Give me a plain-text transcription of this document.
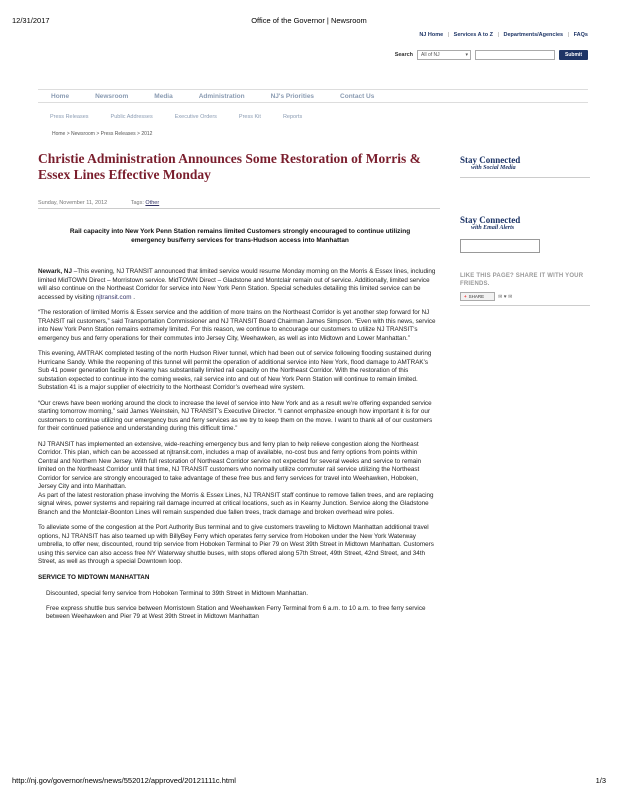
12/31/2017	Office of the Governor | Newsroom
NJ Home | Services A to Z | Departments/Agencies | FAQs
Search	All of NJ	▾	Submit
Home	Newsroom	Media	Administration	NJ's Priorities	Contact Us
Press Releases	Public Addresses	Executive Orders	Press Kit	Reports
Home > Newsroom > Press Releases > 2012
Christie Administration Announces Some Restoration of Morris & Essex Lines Effective Monday
Sunday, November 11, 2012	Tags: Other
Rail capacity into New York Penn Station remains limited Customers strongly encouraged to continue utilizing emergency bus/ferry services for trans-Hudson access into Manhattan

Newark, NJ –This evening, NJ TRANSIT announced that limited service would resume Monday morning on the Morris & Essex lines, including limited MidTOWN Direct – Morristown service. MidTOWN Direct – Gladstone and Montclair remain out of service. Additionally, limited service will also continue on the Northeast Corridor for service into New York Penn Station. Special schedules detailing this limited service can be accessed by visiting njtransit.com .

“The restoration of limited Morris & Essex service and the addition of more trains on the Northeast Corridor is yet another step forward for NJ TRANSIT rail customers,” said Transportation Commissioner and NJ TRANSIT Board Chairman James Simpson. “Even with this news, service into New York Penn Station remains extremely limited. For this reason, we continue to encourage our customers to utilize NJ TRANSIT’s emergency bus and ferry operations for their commutes into Jersey City, Weehawken, as well as into Midtown and Lower Manhattan.”

This evening, AMTRAK completed testing of the north Hudson River tunnel, which had been out of service following flooding sustained during Hurricane Sandy. While the reopening of this tunnel will permit the operation of additional service into New York, flood damage to AMTRAK’s Sub 41 power generation facility in Kearny has substantially limited rail capacity on the Northeast Corridor. With the restoration of this substation expected to continue into the coming weeks, rail service into and out of New York Penn Station will continue to remain limited. Substation 41 is a major supplier of electricity to the Northeast Corridor’s overhead wire system.

“Our crews have been working around the clock to increase the level of service into New York and as a result we’re offering expanded service starting tomorrow morning,” said James Weinstein, NJ TRANSIT’s Executive Director. “I cannot emphasize enough how important it is for our customers to continue utilizing our emergency bus and ferry services as we try to keep them on the move. I want to thank all of our customers for their continued patience and understanding during this difficult time.”

NJ TRANSIT has implemented an extensive, wide-reaching emergency bus and ferry plan to help relieve congestion along the Northeast Corridor. This plan, which can be accessed at njtransit.com, includes a map of available, no-cost bus and ferry options from points within Central and Northern New Jersey. With full restoration of Northeast Corridor service not expected for several weeks and service to remain limited on the Northeast Corridor until that time, NJ TRANSIT customers who normally utilize commuter rail service utilizing the Northeast Corridor for service are strongly encouraged to take advantage of these free bus and ferry services for travel into Weehawken, Hoboken, Jersey City and into Manhattan.

As part of the latest restoration phase involving the Morris & Essex Lines, NJ TRANSIT staff continue to remove fallen trees, and are replacing signal wires, power systems and repairing rail damage incurred at critical locations, such as in Kearny Junction. Service along the Gladstone Branch and the Montclair-Boonton Lines will remain suspended due fallen trees, track damage and broken overhead wire poles.

To alleviate some of the congestion at the Port Authority Bus terminal and to give customers traveling to Midtown Manhattan additional travel options, NJ TRANSIT has also teamed up with BillyBey Ferry which operates ferry service from Hoboken under the New York Waterway umbrella, to offer new, discounted, round trip service from Hoboken Terminal to Pier 79 on West 39th Street in Midtown Manhattan. Customers using this service can also access free NY Waterway shuttle buses, with stops offered along 57th Street, 49th Street, 42nd Street, and 34th Street, as well as through a special Downtown loop.

SERVICE TO MIDTOWN MANHATTAN
Discounted, special ferry service from Hoboken Terminal to 39th Street in Midtown Manhattan.
Free express shuttle bus service between Morristown Station and Weehawken Ferry Terminal from 6 a.m. to 10 a.m. to free ferry service between Weehawken and Pier 79 at West 39th Street in Midtown Manhattan
Stay Connected
with Social Media
Stay Connected
with Email Alerts
LIKE THIS PAGE? SHARE IT WITH YOUR FRIENDS.
+ SHARE	✉ ♥ ✉
http://nj.gov/governor/news/news/552012/approved/20121111c.html	1/3
